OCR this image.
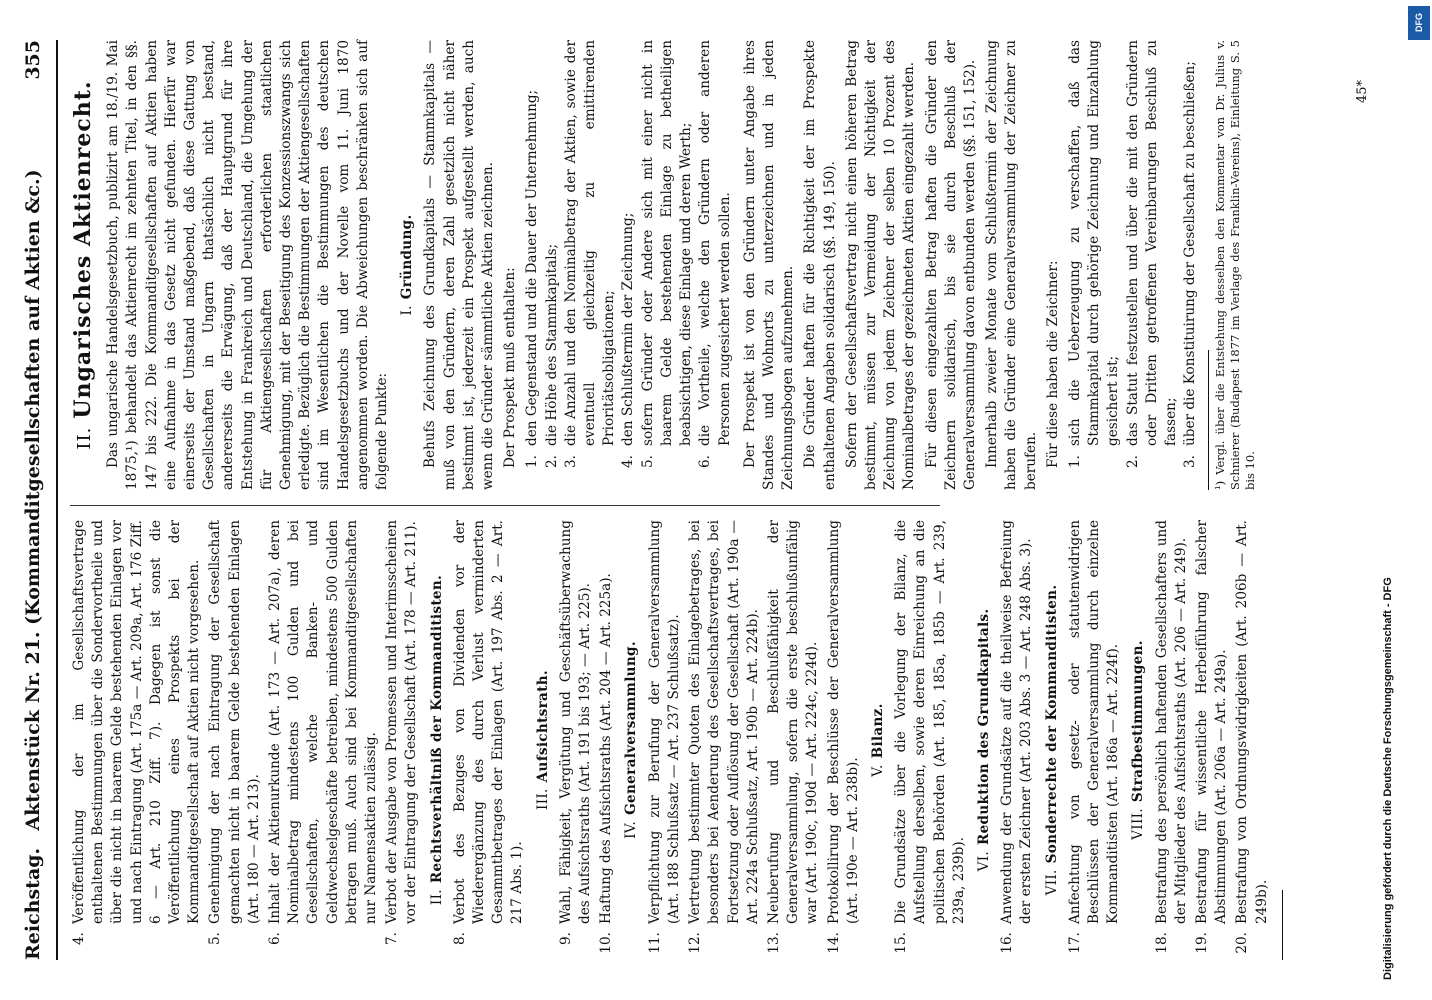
Reichstag.
Aktenstück Nr. 21. (Kommanditgesellschaften auf Aktien &c.)
355
4.
Veröffentlichung der im Gesellschaftsvertrage enthaltenen Bestimmungen über die Sondervortheile und über die nicht in baarem Gelde bestehenden Einlagen vor und nach Eintragung (Art. 175a — Art. 209a, Art. 176 Ziff. 6 — Art. 210 Ziff. 7). Dagegen ist sonst die Veröffentlichung eines Prospekts bei der Kommanditgesellschaft auf Aktien nicht vorgesehen.
5.
Genehmigung der nach Eintragung der Gesellschaft gemachten nicht in baarem Gelde bestehenden Einlagen (Art. 180 — Art. 213).
6.
Inhalt der Aktienurkunde (Art. 173 — Art. 207a), deren Nominalbetrag mindestens 100 Gulden und bei Gesellschaften, welche Banken- und Geldwechselgeschäfte betreiben, mindestens 500 Gulden betragen muß. Auch sind bei Kommanditgesellschaften nur Namensaktien zulässig.
7.
Verbot der Ausgabe von Promessen und Interimsscheinen vor der Eintragung der Gesellschaft (Art. 178 — Art. 211). II.Rechtsverhältniß der Kommanditisten.
8.
Verbot des Bezuges von Dividenden vor der Wiederergänzung des durch Verlust verminderten Gesammtbetrages der Einlagen (Art. 197 Abs. 2 — Art. 217 Abs. 1).
III.Aufsichtsrath.
9.
Wahl, Fähigkeit, Vergütung und Geschäftsüberwachung des Aufsichtsraths (Art. 191 bis 193; — Art. 225).
10.
Haftung des Aufsichtsraths (Art. 204 — Art. 225a). IV.Generalversammlung.
11.
Verpflichtung zur Berufung der Generalversammlung (Art. 188 Schlußsatz — Art. 237 Schlußsatz).
12.
Vertretung bestimmter Quoten des Einlagebetrages, bei besonders bei Aenderung des Gesellschaftsvertrages, bei Fortsetzung oder Auflösung der Gesellschaft (Art. 190a — Art. 224a Schlußsatz, Art. 190b — Art. 224b).
13.
Neuberufung und Beschlußfähigkeit der Generalversammlung, sofern die erste beschlußunfähig war (Art. 190c, 190d — Art. 224c, 224d).
14.
Protokollirung der Beschlüsse der Generalversammlung (Art. 190e — Art. 238b). V.Bilanz.
15.
Die Grundsätze über die Vorlegung der Bilanz, die Aufstellung derselben, sowie deren Einreichung an die politischen Behörden (Art. 185, 185a, 185b — Art. 239, 239a, 239b). VI.Reduktion des Grundkapitals.
16.
Anwendung der Grundsätze auf die theilweise Befreiung der ersten Zeichner (Art. 203 Abs. 3 — Art. 248 Abs. 3). VII.Sonderrechte der Kommanditisten.
17.
Anfechtung von gesetz- oder statutenwidrigen Beschlüssen der Generalversammlung durch einzelne Kommanditisten (Art. 186a — Art. 224f). VIII.Strafbestimmungen.
18.
Bestrafung des persönlich haftenden Gesellschafters und der Mitglieder des Aufsichtsraths (Art. 206 — Art. 249).
19.
Bestrafung für wissentliche Herbeiführung falscher Abstimmungen (Art. 206a — Art. 249a).
20.
Bestrafung von Ordnungswidrigkeiten (Art. 206b — Art. 249b).
II.Ungarisches Aktienrecht. Das ungarische Handelsgesetzbuch, publizirt am 18./19. Mai 1875,¹) behandelt das Aktienrecht im zehnten Titel, in den §§. 147 bis 222. Die Kommanditgesellschaften auf Aktien haben eine Aufnahme in das Gesetz nicht gefunden. Hierfür war einerseits der Umstand maßgebend, daß diese Gattung von Gesellschaften in Ungarn thatsächlich nicht bestand, andererseits die Erwägung, daß der Hauptgrund für ihre Entstehung in Frankreich und Deutschland, die Umgehung der für Aktiengesellschaften erforderlichen staatlichen Genehmigung, mit der Beseitigung des Konzessionszwangs sich erledigte. Bezüglich die Bestimmungen der Aktiengesellschaften sind im Wesentlichen die Bestimmungen des deutschen Handelsgesetzbuchs und der Novelle vom 11. Juni 1870 angenommen worden. Die Abweichungen beschränken sich auf folgende Punkte:
I.Gründung. Behufs Zeichnung des Grundkapitals — Stammkapitals — muß von den Gründern, deren Zahl gesetzlich nicht näher bestimmt ist, jederzeit ein Prospekt aufgestellt werden, auch wenn die Gründer sämmtliche Aktien zeichnen. Der Prospekt muß enthalten: 1.
den Gegenstand und die Dauer der Unternehmung;
2.
die Höhe des Stammkapitals;
3.
die Anzahl und den Nominalbetrag der Aktien, sowie der eventuell gleichzeitig zu emittirenden Prioritätsobligationen;
4.
den Schlußtermin der Zeichnung;
5.
sofern Gründer oder Andere sich mit einer nicht in baarem Gelde bestehenden Einlage zu betheiligen beabsichtigen, diese Einlage und deren Werth;
6.
die Vortheile, welche den Gründern oder anderen Personen zugesichert werden sollen. Der Prospekt ist von den Gründern unter Angabe ihres Standes und Wohnorts zu unterzeichnen und in jeden Zeichnungsbogen aufzunehmen. Die Gründer haften für die Richtigkeit der im Prospekte enthaltenen Angaben solidarisch (§§. 149, 150). Sofern der Gesellschaftsvertrag nicht einen höheren Betrag bestimmt, müssen zur Vermeidung der Nichtigkeit der Zeichnung von jedem Zeichner der selben 10 Prozent des Nominalbetrages der gezeichneten Aktien eingezahlt werden. Für diesen eingezahlten Betrag haften die Gründer den Zeichnern solidarisch, bis sie durch Beschluß der Generalversammlung davon entbunden werden (§§. 151, 152). Innerhalb zweier Monate vom Schlußtermin der Zeichnung haben die Gründer eine Generalversammlung der Zeichner zu berufen. Für diese haben die Zeichner: 1.
sich die Ueberzeugung zu verschaffen, daß das Stammkapital durch gehörige Zeichnung und Einzahlung gesichert ist;
2.
das Statut festzustellen und über die mit den Gründern oder Dritten getroffenen Vereinbarungen Beschluß zu fassen;
3.
über die Konstituirung der Gesellschaft zu beschließen; ¹) Vergl. über die Entstehung desselben den Kommentar von Dr. Julius v. Schnierer (Budapest 1877 im Verlage des Franklin-Vereins), Einleitung S. 5 bis 10.
45*
DFG
Digitalisierung gefördert durch die Deutsche Forschungsgemeinschaft - DFG
